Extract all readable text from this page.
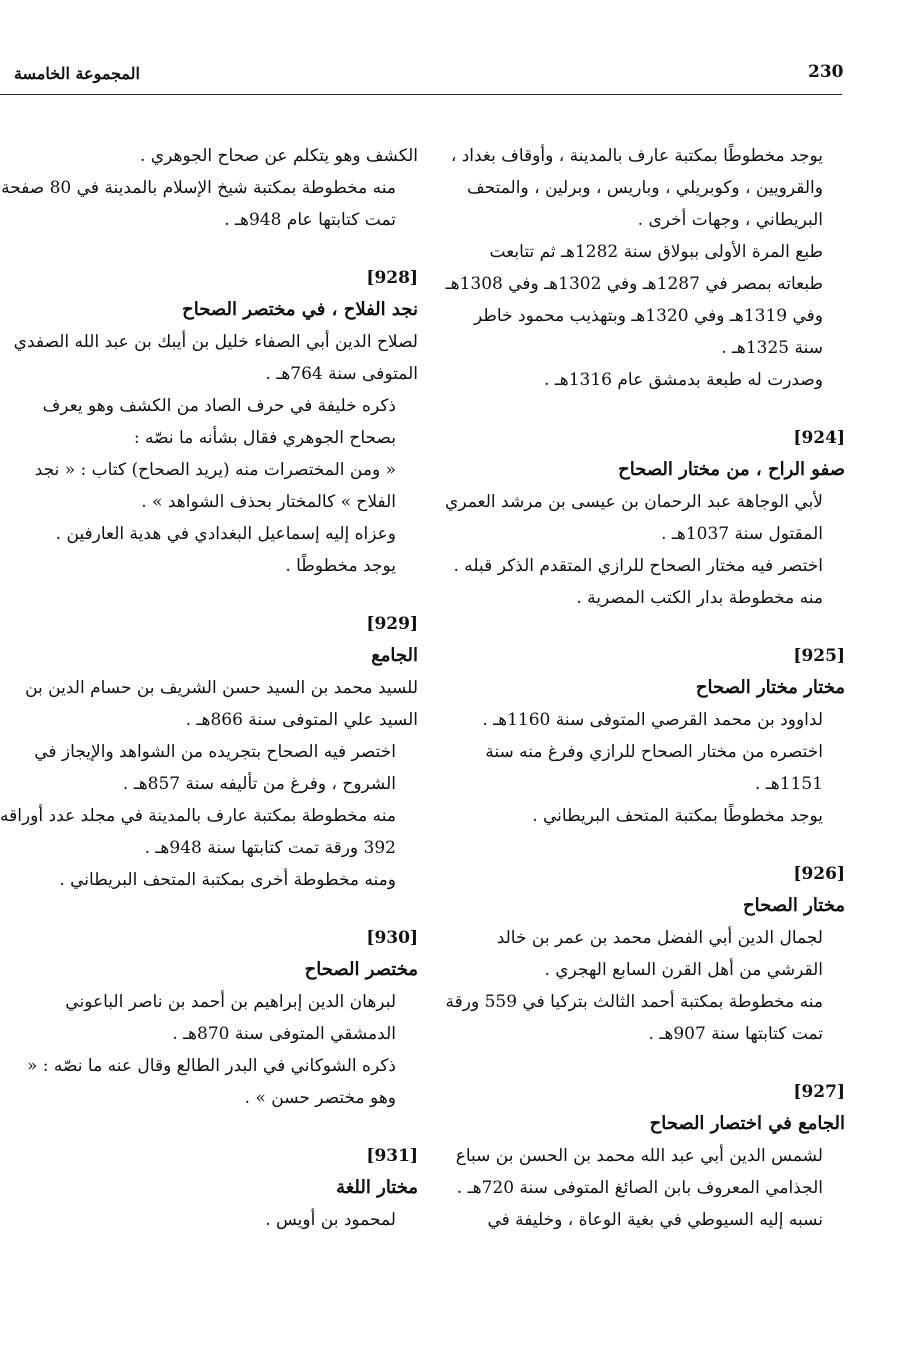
230
المجموعة الخامسة

يوجد مخطوطًا بمكتبة عارف بالمدينة ، وأوقاف بغداد ، والقرويين ، وكوبريلي ، وباريس ، وبرلين ، والمتحف البريطاني ، وجهات أخرى .

طبع المرة الأولى ببولاق سنة 1282هـ ثم تتابعت طبعاته بمصر في 1287هـ وفي 1302هـ وفي 1308هـ وفي 1319هـ وفي 1320هـ وبتهذيب محمود خاطر سنة 1325هـ .

وصدرت له طبعة بدمشق عام 1316هـ .

[924]
صفو الراح ، من مختار الصحاح

لأبي الوجاهة عبد الرحمان بن عيسى بن مرشد العمري المقتول سنة 1037هـ .

اختصر فيه مختار الصحاح للرازي المتقدم الذكر قبله .

منه مخطوطة بدار الكتب المصرية .

[925]
مختار مختار الصحاح

لداوود بن محمد القرصي المتوفى سنة 1160هـ .

اختصره من مختار الصحاح للرازي وفرغ منه سنة 1151هـ .

يوجد مخطوطًا بمكتبة المتحف البريطاني .

[926]
مختار الصحاح

لجمال الدين أبي الفضل محمد بن عمر بن خالد القرشي من أهل القرن السابع الهجري .

منه مخطوطة بمكتبة أحمد الثالث بتركيا في 559 ورقة تمت كتابتها سنة 907هـ .

[927]
الجامع في اختصار الصحاح

لشمس الدين أبي عبد الله محمد بن الحسن بن سباع الجذامي المعروف بابن الصائغ المتوفى سنة 720هـ .

نسبه إليه السيوطي في بغية الوعاة ، وخليفة في

الكشف وهو يتكلم عن صحاح الجوهري .

منه مخطوطة بمكتبة شيخ الإسلام بالمدينة في 80 صفحة تمت كتابتها عام 948هـ .

[928]
نجد الفلاح ، في مختصر الصحاح

لصلاح الدين أبي الصفاء خليل بن أيبك بن عبد الله الصفدي المتوفى سنة 764هـ .

ذكره خليفة في حرف الصاد من الكشف وهو يعرف بصحاح الجوهري فقال بشأنه ما نصّه :

« ومن المختصرات منه (يريد الصحاح) كتاب : « نجد الفلاح » كالمختار بحذف الشواهد » .

وعزاه إليه إسماعيل البغدادي في هدية العارفين .

يوجد مخطوطًا .

[929]
الجامع

للسيد محمد بن السيد حسن الشريف بن حسام الدين بن السيد علي المتوفى سنة 866هـ .

اختصر فيه الصحاح بتجريده من الشواهد والإيجاز في الشروح ، وفرغ من تأليفه سنة 857هـ .

منه مخطوطة بمكتبة عارف بالمدينة في مجلد عدد أوراقه 392 ورقة تمت كتابتها سنة 948هـ .

ومنه مخطوطة أخرى بمكتبة المتحف البريطاني .

[930]
مختصر الصحاح

لبرهان الدين إبراهيم بن أحمد بن ناصر الباعوني الدمشقي المتوفى سنة 870هـ .

ذكره الشوكاني في البدر الطالع وقال عنه ما نصّه : « وهو مختصر حسن » .

[931]
مختار اللغة

لمحمود بن أويس .
